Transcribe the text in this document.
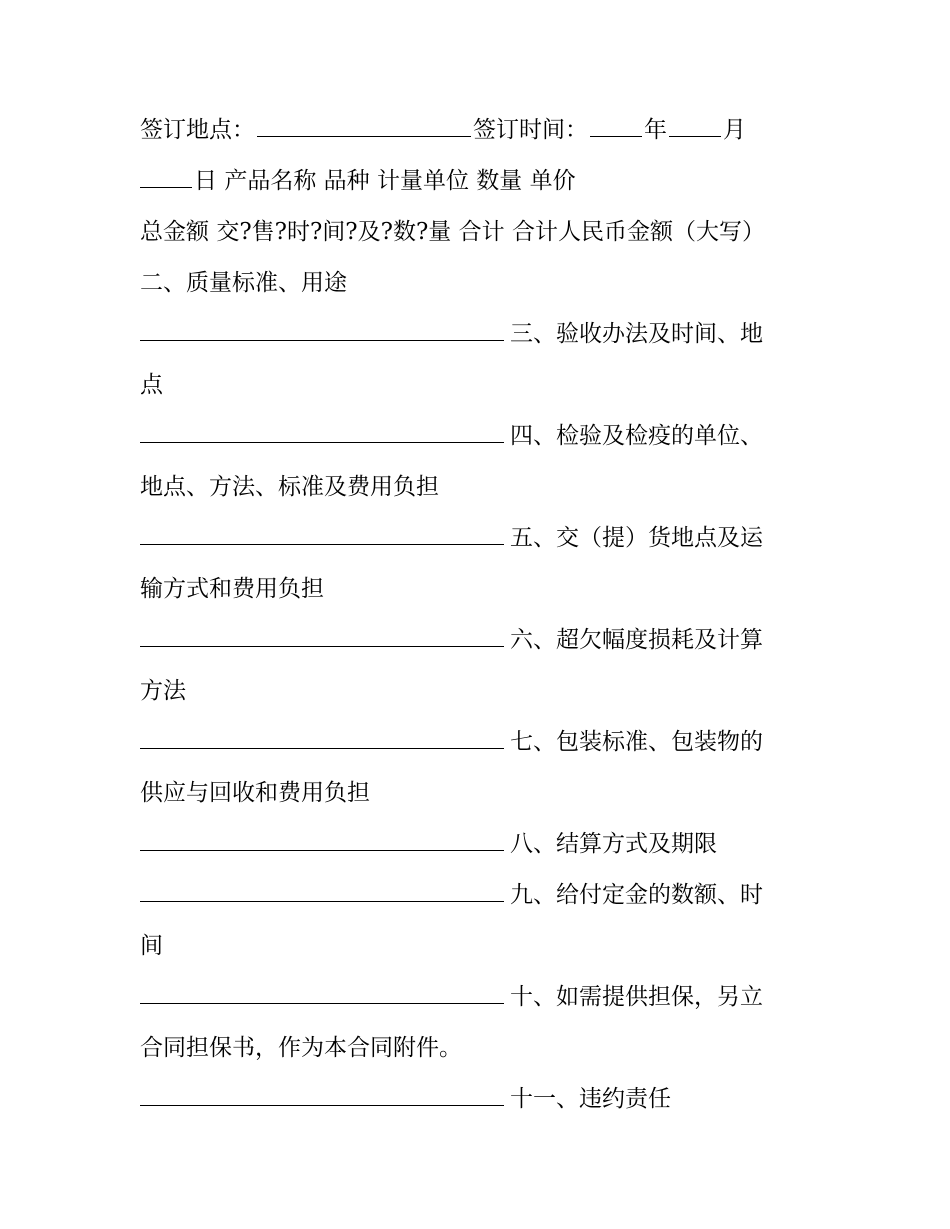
签订地点：	签订时间： 年 月
日 产品名称 品种 计量单位 数量 单价
总金额 交?售?时?间?及?数?量 合计 合计人民币金额（大写）
二、质量标准、用途
三、验收办法及时间、地
点
四、检验及检疫的单位、
地点、方法、标准及费用负担
五、交（提）货地点及运
输方式和费用负担
六、超欠幅度损耗及计算
方法
七、包装标准、包装物的
供应与回收和费用负担
八、结算方式及期限
九、给付定金的数额、时
间
十、如需提供担保，另立
合同担保书，作为本合同附件。
十一、违约责任
